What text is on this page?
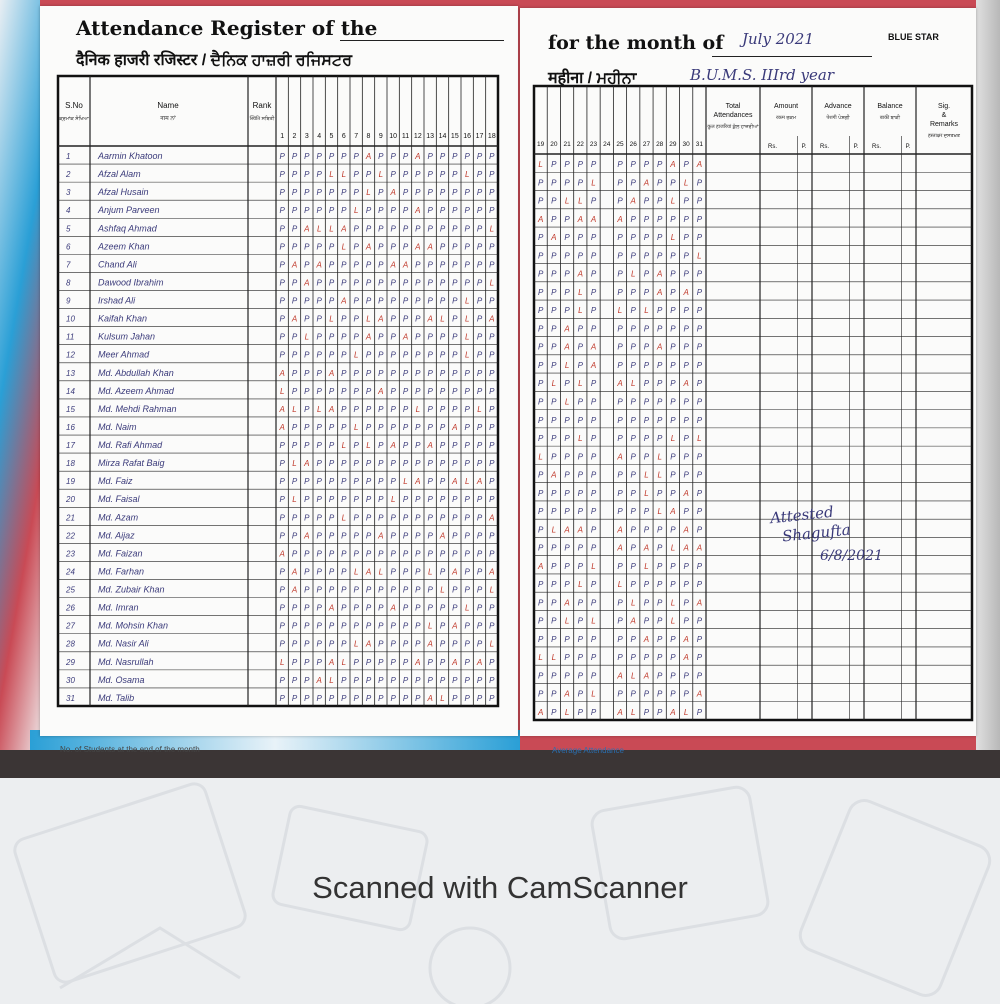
Attendance Register of the
दैनिक हाजरी रजिस्टर / ਦੈਨਿਕ ਹਾਜ਼ਰੀ ਰਜਿਸਟਰ
S.No
ਕ੍ਰਮਾਂਕ ਸੰਖਿਆ
Name
नाम ਨਾਂ
Rank
स्थिति ਸਥਿਤੀ
1 2 3 4 5 6 7 8 9 10 11 12 13 14 15 16 17 18
1	Aarmin Khatoon	P P P P P P P A P P P A P P P P P P
2	Afzal Alam	P P P P L L P P L P P P P P P L P P
3	Afzal Husain	P P P P P P P L P A P P P P P P P P
4	Anjum Parveen	P P P P P P L P P P P A P P P P P P
5	Ashfaq Ahmad	P P A L L A P P P P P P P P P P P L
6	Azeem Khan	P P P P P L P A P P P A A P P P P P
7	Chand Ali	P A P A P P P P P A A P P P P P P P
8	Dawood Ibrahim	P P A P P P P P P P P P P P P P P L
9	Irshad Ali	P P P P P A P P P P P P P P P L P P
10	Kaifah Khan	P A P P L P P L A P P P A L P L P A
11	Kulsum Jahan	P P L P P P P A P P A P P P P L P P
12	Meer Ahmad	P P P P P P L P P P P P P P P L P P
13	Md. Abdullah Khan	A P P P A P P P P P P P P P P P P P
14	Md. Azeem Ahmad	L P P P P P P P A P P P P P P P P P
15	Md. Mehdi Rahman	A L P L A P P P P P P L P P P P L P
16	Md. Naim	A P P P P P L P P P P P P P A P P P
17	Md. Rafi Ahmad	P P P P P L P L P A P P A P P P P P
18	Mirza Rafat Baig	P L A P P P P P P P P P P P P P P P
19	Md. Faiz	P P P P P P P P P P L A P P A L A P
20	Md. Faisal	P L P P P P P P P L P P P P P P P P
21	Md. Azam	P P P P P L P P P P P P P P P P P A
22	Md. Aijaz	P P A P P P P P A P P P P A P P P P
23	Md. Faizan	A P P P P P P P P P P P P P P P P P
24	Md. Farhan	P A P P P P L A L P P P L P A P P A
25	Md. Zubair Khan	P A P P P P P P P P P P P L P P P L
26	Md. Imran	P P P P A P P P P A P P P P P L P P
27	Md. Mohsin Khan	P P P P P P P P P P P P L P A P P P
28	Md. Nasir Ali	P P P P P P L A P P P P A P P P P L
29	Md. Nasrullah	L P P P A L P P P P P A P P A P A P
30	Md. Osama	P P P A L P P P P P P P P P P P P P
31	Md. Talib	P P P P P P P P P P P P A L P P P P
No. of Students at the end of the month
for the month of July 2021	BLUE STAR
महीना / ਮਹੀਨਾ	B.U.M.S. IIIrd year
Total
Attendances
कुल हाजरियां ਕੁੱਲ ਹਾਜ਼ਰੀਆਂ
Amount
रकम ਰਕਮ
Rs.	P.
Advance
पेशगी ਪੇਸ਼ਗੀ
Rs.	P.
Balance
बाकी ਬਾਕੀ
Rs.	P.
Sig.
&
Remarks
हस्ताक्षर ਦਸਤਖ਼ਤ
19 20 21 22 23 24 25 26 27 28 29 30 31
L P P P P	P P P P A P A
P P P P L	P P A P P L P
P P L L P	P A P P L P P
A P P A A	A P P P P P P
P A P P P	P P P P L P P
P P P P P	P P P P P P L
P P P A P	P L P A P P P
P P P L P	P P P A P A P
P P P L P	L P L P P P P
P P A P P	P P P P P P P
P P A P A	P P P A P P P
P P L P A	P P P P P P P
P L P L P	A L P P P A P
P P L P P	P P P P P P P
P P P P P	P P P P P P P
P P P L P	P P P P L P L
L P P P P	A P P L P P P
P A P P P	P P L L P P P
P P P P P	P P L P P A P
P P P P P	P P P L A P P
P L A A P	A P P P P A P
P P P P P	A P A P L A A
A P P P L	P P L P P P P
P P P L P	L P P P P P P
P P A P P	P L P P L P A
P P L P L	P A P P L P P
P P P P P	P P A P P A P
L L P P P	P P P P P A P
P P P P P	A L A P P P P
P P A P L	P P P P P P A
A P L P P	A L P P A L P
Attested
Shagufta
6/8/2021
Average Attendance
Scanned with CamScanner
